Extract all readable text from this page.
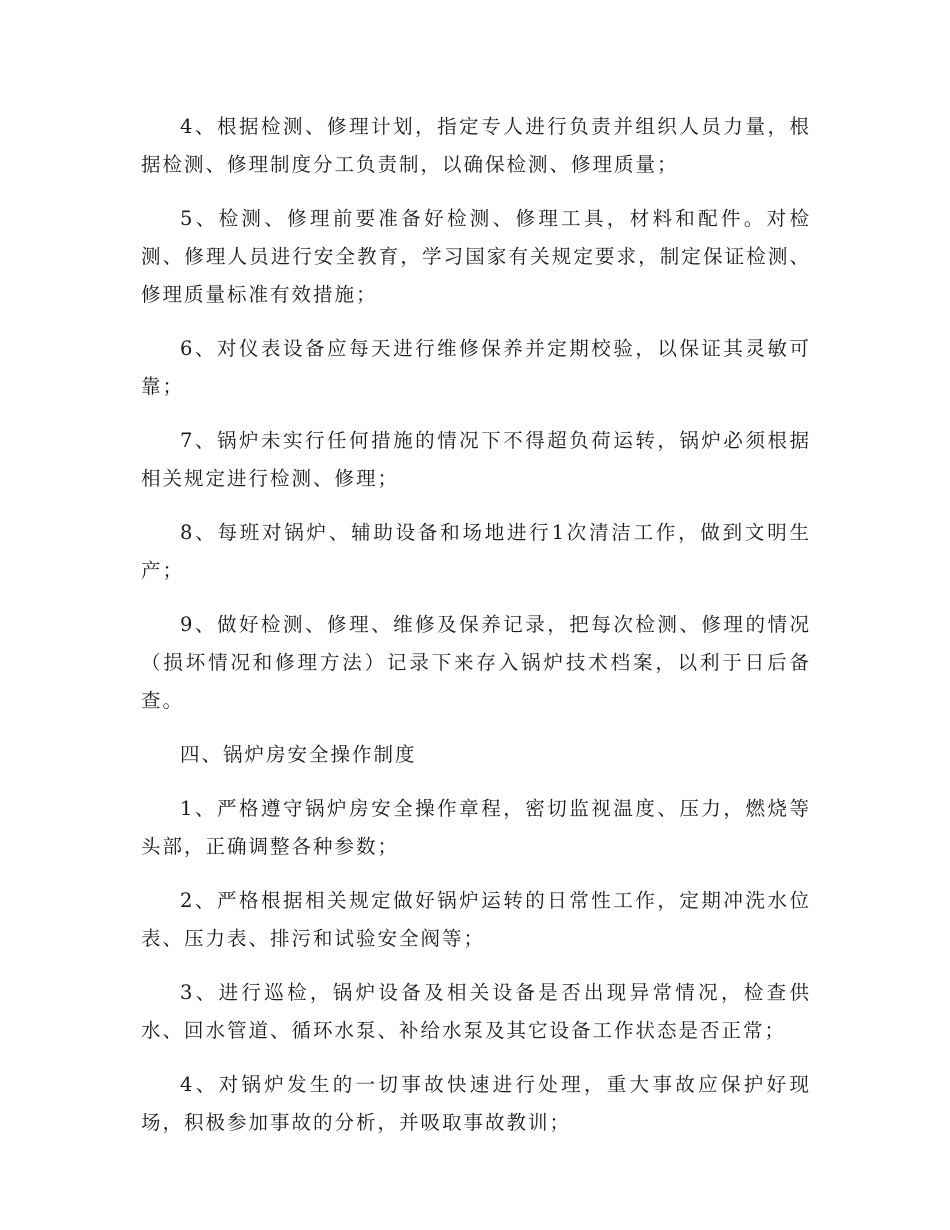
4、根据检测、修理计划，指定专人进行负责并组织人员力量，根据检测、修理制度分工负责制，以确保检测、修理质量；

5、检测、修理前要准备好检测、修理工具，材料和配件。对检测、修理人员进行安全教育，学习国家有关规定要求，制定保证检测、修理质量标准有效措施；

6、对仪表设备应每天进行维修保养并定期校验，以保证其灵敏可靠；

7、锅炉未实行任何措施的情况下不得超负荷运转，锅炉必须根据相关规定进行检测、修理；

8、每班对锅炉、辅助设备和场地进行1次清洁工作，做到文明生产；

9、做好检测、修理、维修及保养记录，把每次检测、修理的情况（损坏情况和修理方法）记录下来存入锅炉技术档案，以利于日后备查。

四、锅炉房安全操作制度

1、严格遵守锅炉房安全操作章程，密切监视温度、压力，燃烧等头部，正确调整各种参数；

2、严格根据相关规定做好锅炉运转的日常性工作，定期冲洗水位表、压力表、排污和试验安全阀等；

3、进行巡检，锅炉设备及相关设备是否出现异常情况，检查供水、回水管道、循环水泵、补给水泵及其它设备工作状态是否正常；

4、对锅炉发生的一切事故快速进行处理，重大事故应保护好现场，积极参加事故的分析，并吸取事故教训；
